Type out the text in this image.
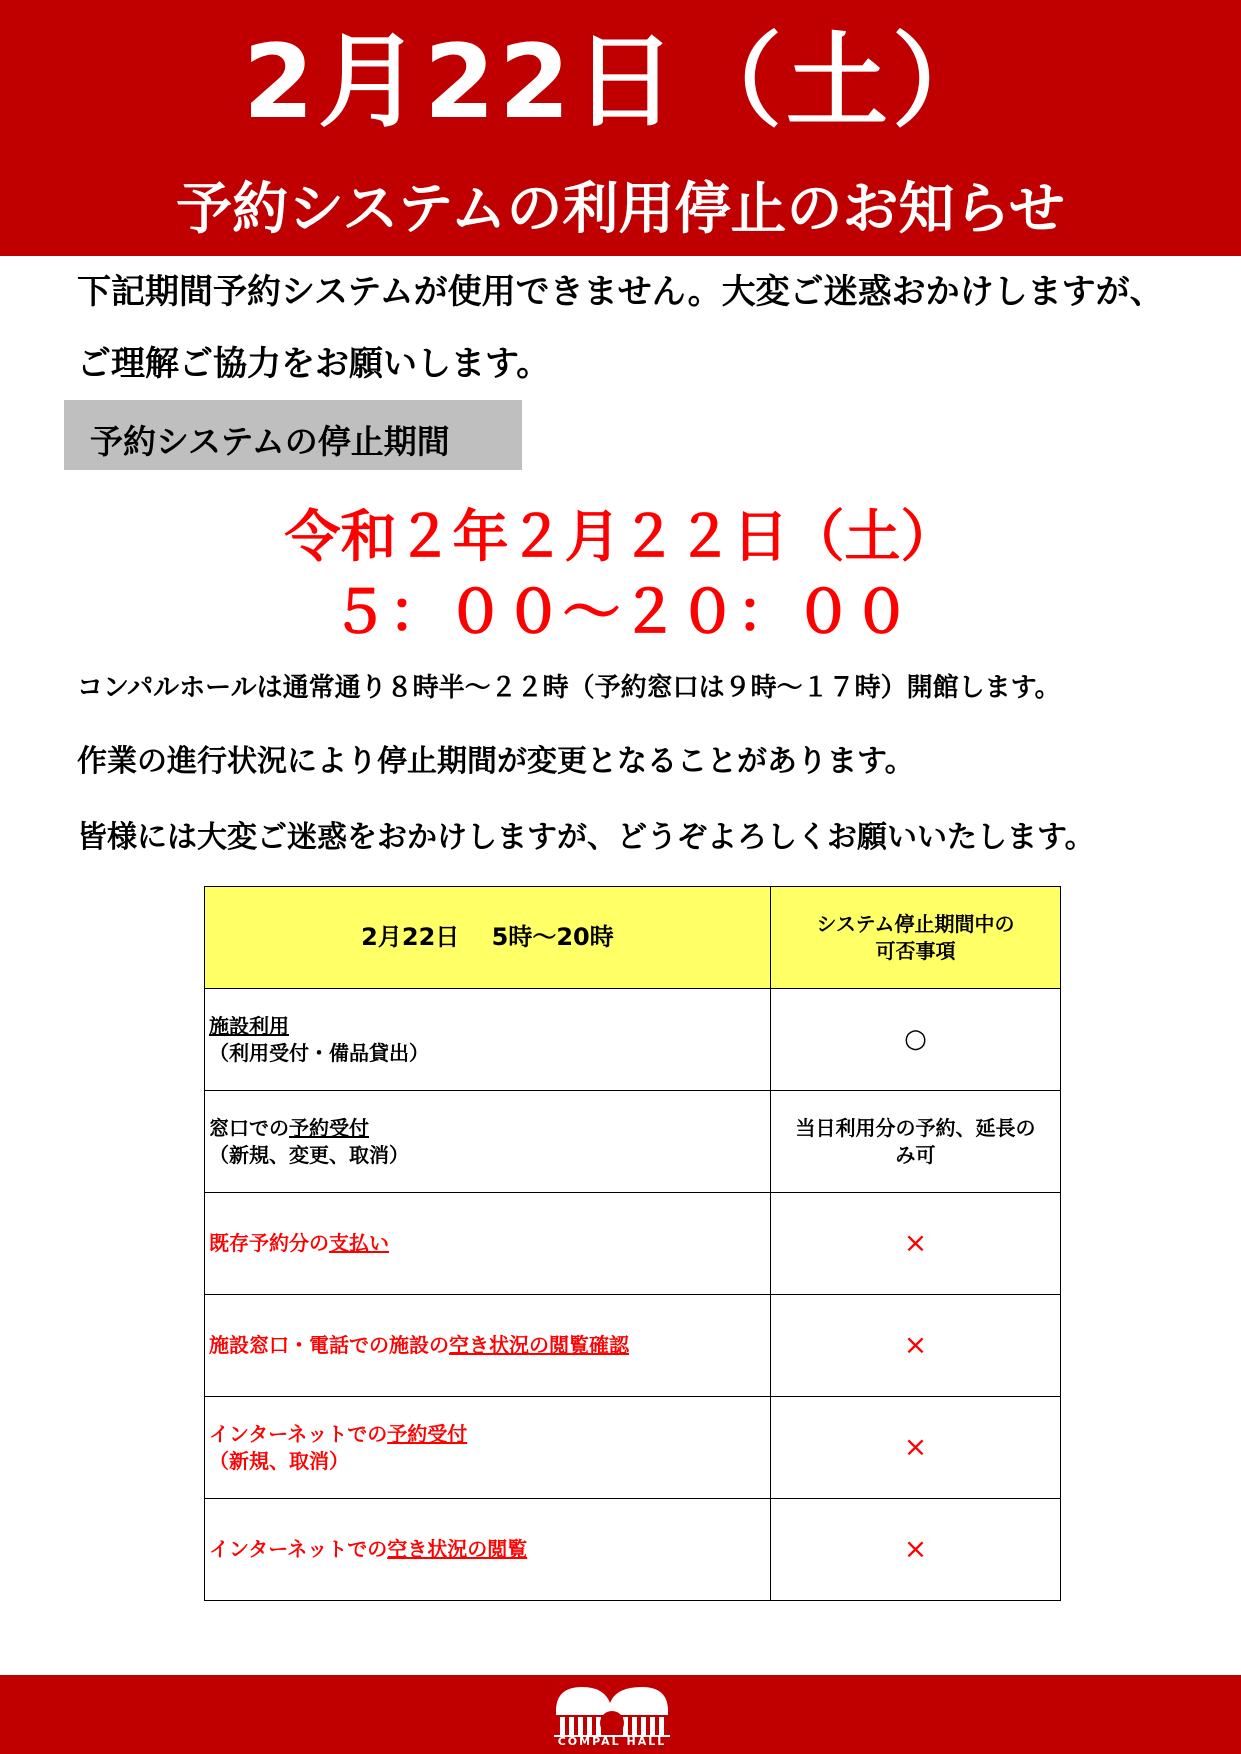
2月22日（土）
予約システムの利用停止のお知らせ
下記期間予約システムが使用できません。大変ご迷惑おかけしますが、
ご理解ご協力をお願いします。
予約システムの停止期間
令和２年２月２２日（土）
５：００～２０：００
コンパルホールは通常通り８時半～２２時（予約窓口は９時～１７時）開館します。
作業の進行状況により停止期間が変更となることがあります。
皆様には大変ご迷惑をおかけしますが、どうぞよろしくお願いいたします。
2月22日　 5時～20時	システム停止期間中の
可否事項
施設利用
（利用受付・備品貸出）	○
窓口での予約受付
（新規、変更、取消）	当日利用分の予約、延長の
み可
既存予約分の支払い	×
施設窓口・電話での施設の空き状況の閲覧確認	×
インターネットでの予約受付
（新規、取消）	×
インターネットでの空き状況の閲覧	×
COMPAL HALL
